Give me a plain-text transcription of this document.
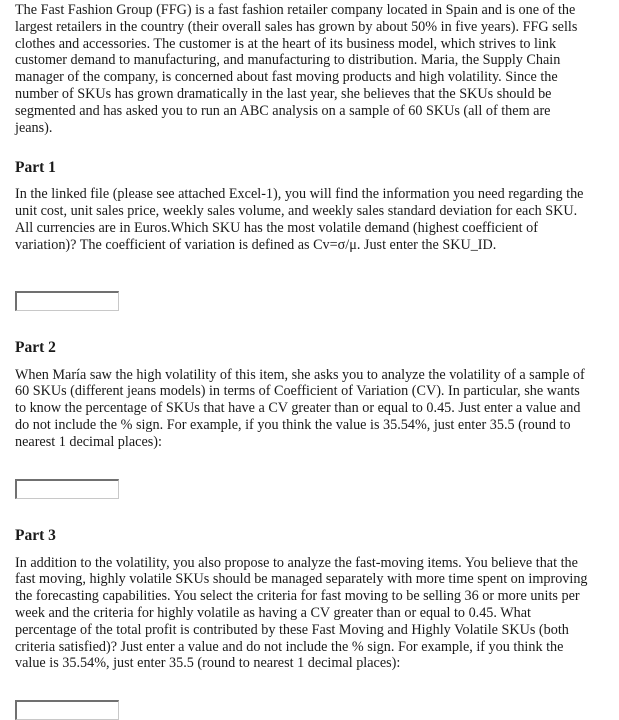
The Fast Fashion Group (FFG) is a fast fashion retailer company located in Spain and is one of the largest retailers in the country (their overall sales has grown by about 50% in five years). FFG sells clothes and accessories. The customer is at the heart of its business model, which strives to link customer demand to manufacturing, and manufacturing to distribution. Maria, the Supply Chain manager of the company, is concerned about fast moving products and high volatility. Since the number of SKUs has grown dramatically in the last year, she believes that the SKUs should be segmented and has asked you to run an ABC analysis on a sample of 60 SKUs (all of them are jeans).

Part 1

In the linked file (please see attached Excel-1), you will find the information you need regarding the unit cost, unit sales price, weekly sales volume, and weekly sales standard deviation for each SKU. All currencies are in Euros.Which SKU has the most volatile demand (highest coefficient of variation)? The coefficient of variation is defined as Cv=σ/μ. Just enter the SKU_ID.

Part 2

When María saw the high volatility of this item, she asks you to analyze the volatility of a sample of 60 SKUs (different jeans models) in terms of Coefficient of Variation (CV). In particular, she wants to know the percentage of SKUs that have a CV greater than or equal to 0.45. Just enter a value and do not include the % sign. For example, if you think the value is 35.54%, just enter 35.5 (round to nearest 1 decimal places):

Part 3

In addition to the volatility, you also propose to analyze the fast-moving items. You believe that the fast moving, highly volatile SKUs should be managed separately with more time spent on improving the forecasting capabilities. You select the criteria for fast moving to be selling 36 or more units per week and the criteria for highly volatile as having a CV greater than or equal to 0.45. What percentage of the total profit is contributed by these Fast Moving and Highly Volatile SKUs (both criteria satisfied)? Just enter a value and do not include the % sign. For example, if you think the value is 35.54%, just enter 35.5 (round to nearest 1 decimal places):
